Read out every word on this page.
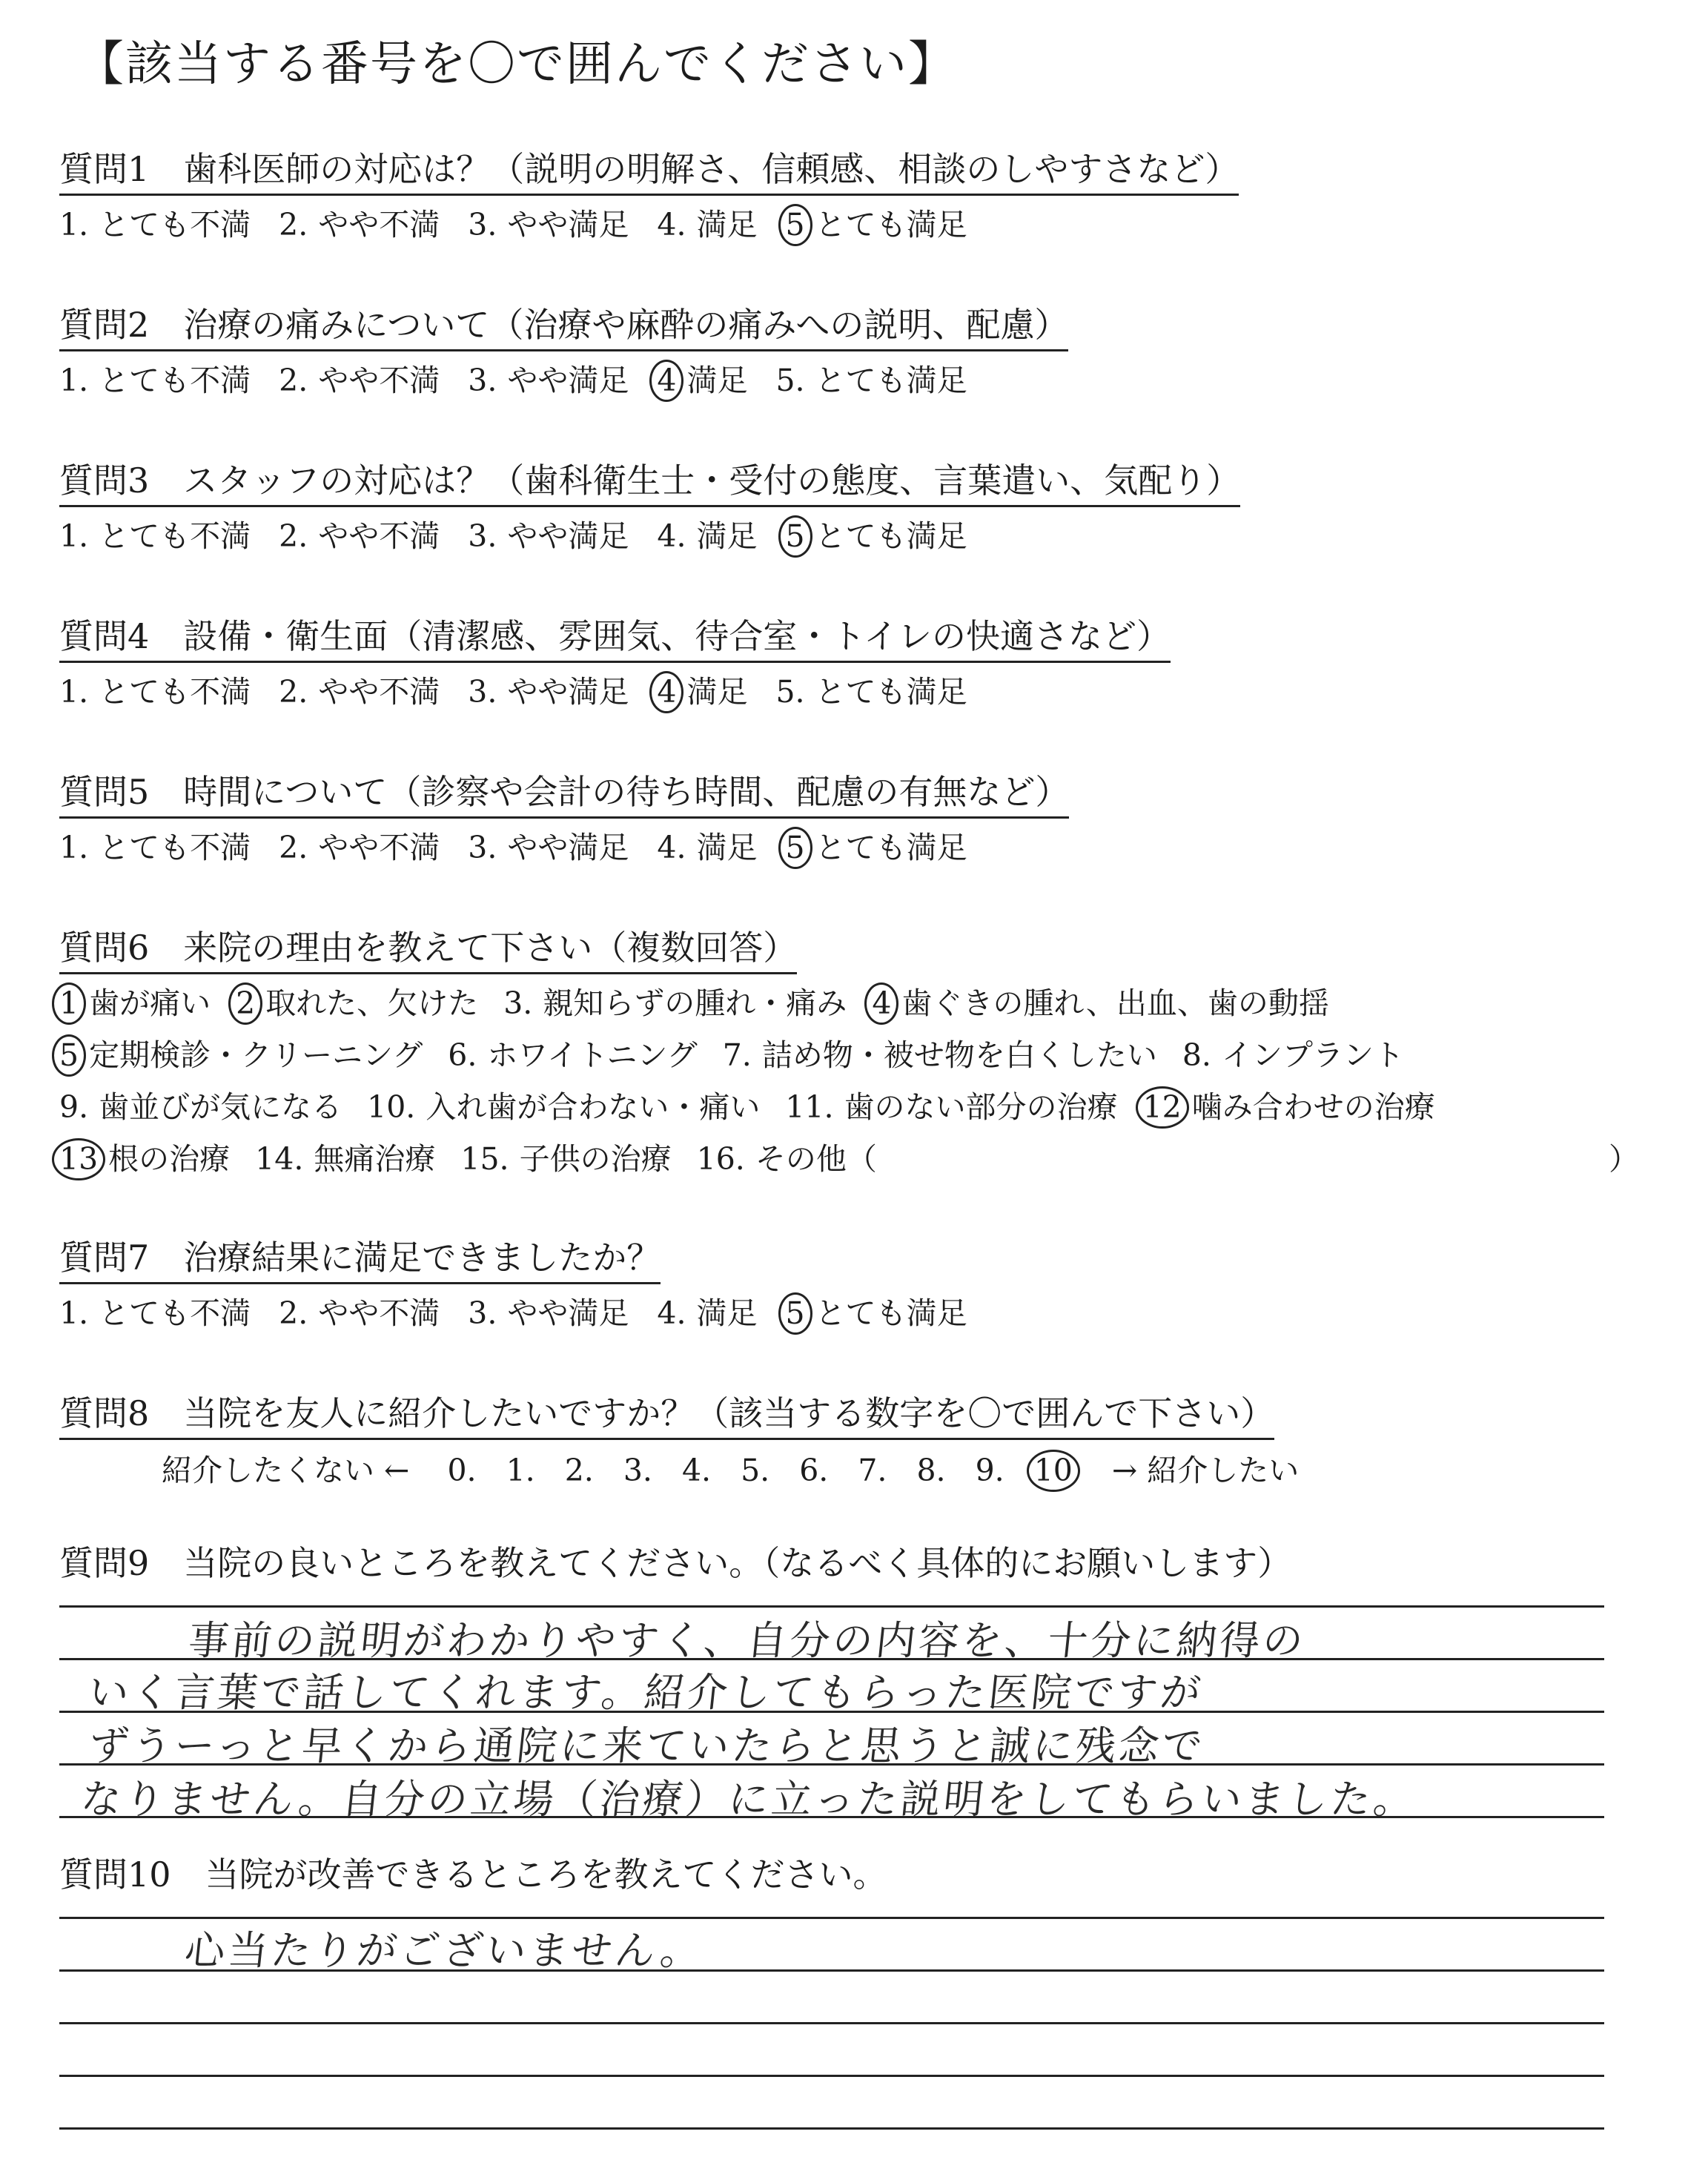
【該当する番号を〇で囲んでください】
質問1　歯科医師の対応は？（説明の明解さ、信頼感、相談のしやすさなど）
1. とても不満 2. やや不満 3. やや満足 4. 満足 5 とても満足
質問2　治療の痛みについて（治療や麻酔の痛みへの説明、配慮）
1. とても不満 2. やや不満 3. やや満足 4 満足 5. とても満足
質問3　スタッフの対応は？（歯科衛生士・受付の態度、言葉遣い、気配り）
1. とても不満 2. やや不満 3. やや満足 4. 満足 5 とても満足
質問4　設備・衛生面（清潔感、雰囲気、待合室・トイレの快適さなど）
1. とても不満 2. やや不満 3. やや満足 4 満足 5. とても満足
質問5　時間について（診察や会計の待ち時間、配慮の有無など）
1. とても不満 2. やや不満 3. やや満足 4. 満足 5 とても満足
質問6　来院の理由を教えて下さい（複数回答）
1 歯が痛い 2 取れた、欠けた 3. 親知らずの腫れ・痛み 4 歯ぐきの腫れ、出血、歯の動揺
5 定期検診・クリーニング 6. ホワイトニング 7. 詰め物・被せ物を白くしたい 8. インプラント
9. 歯並びが気になる 10. 入れ歯が合わない・痛い 11. 歯のない部分の治療 12 噛み合わせの治療
13 根の治療 14. 無痛治療 15. 子供の治療 16. その他（	）
質問7　治療結果に満足できましたか？
1. とても不満 2. やや不満 3. やや満足 4. 満足 5 とても満足
質問8　当院を友人に紹介したいですか？（該当する数字を〇で囲んで下さい）
紹介したくない ← 0. 1. 2. 3. 4. 5. 6. 7. 8. 9. 10 → 紹介したい
質問9　当院の良いところを教えてください。（なるべく具体的にお願いします）
事前の説明がわかりやすく、自分の内容を、十分に納得の
いく言葉で話してくれます。紹介してもらった医院ですが
ずうーっと早くから通院に来ていたらと思うと誠に残念で
なりません。自分の立場（治療）に立った説明をしてもらいました。
質問10　当院が改善できるところを教えてください。
心当たりがございません。
